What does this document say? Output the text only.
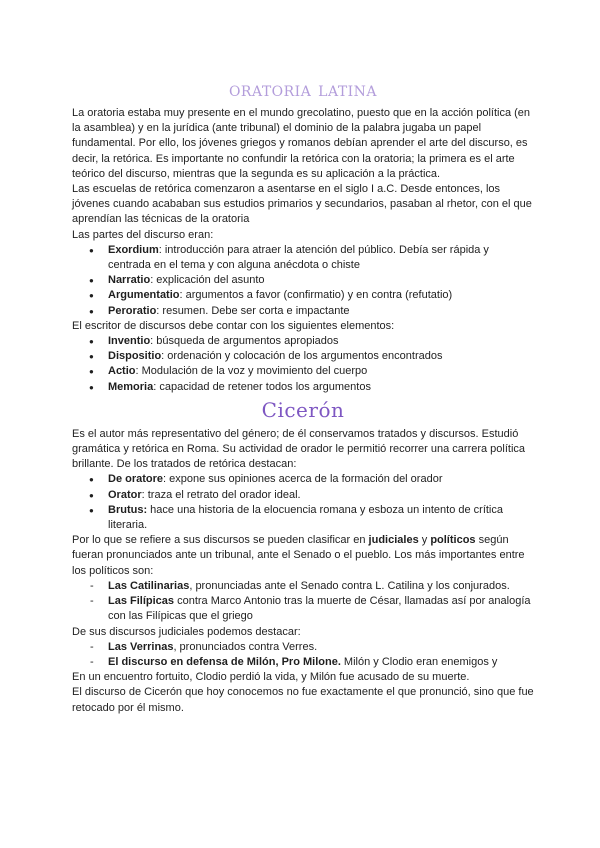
oratoria latina

La oratoria estaba muy presente en el mundo grecolatino, puesto que en la acción política (en la asamblea) y en la jurídica (ante tribunal) el dominio de la palabra jugaba un papel fundamental. Por ello, los jóvenes griegos y romanos debían aprender el arte del discurso, es decir, la retórica. Es importante no confundir la retórica con la oratoria; la primera es el arte teórico del discurso, mientras que la segunda es su aplicación a la práctica.

Las escuelas de retórica comenzaron a asentarse en el siglo I a.C. Desde entonces, los jóvenes cuando acababan sus estudios primarios y secundarios, pasaban al rhetor, con el que aprendían las técnicas de la oratoria

Las partes del discurso eran:

● Exordium: introducción para atraer la atención del público. Debía ser rápida y centrada en el tema y con alguna anécdota o chiste
● Narratio: explicación del asunto
● Argumentatio: argumentos a favor (confirmatio) y en contra (refutatio)
● Peroratio: resumen. Debe ser corta e impactante

El escritor de discursos debe contar con los siguientes elementos:

● Inventio: búsqueda de argumentos apropiados
● Dispositio: ordenación y colocación de los argumentos encontrados
● Actio: Modulación de la voz y movimiento del cuerpo
● Memoria: capacidad de retener todos los argumentos
Cicerón

Es el autor más representativo del género; de él conservamos tratados y discursos. Estudió gramática y retórica en Roma. Su actividad de orador le permitió recorrer una carrera política brillante. De los tratados de retórica destacan:

● De oratore: expone sus opiniones acerca de la formación del orador
● Orator: traza el retrato del orador ideal.
● Brutus: hace una historia de la elocuencia romana y esboza un intento de crítica literaria.

Por lo que se refiere a sus discursos se pueden clasificar en judiciales y políticos según fueran pronunciados ante un tribunal, ante el Senado o el pueblo. Los más importantes entre los políticos son:

- Las Catilinarias, pronunciadas ante el Senado contra L. Catilina y los conjurados.
- Las Filípicas contra Marco Antonio tras la muerte de César, llamadas así por analogía con las Filípicas que el griego

De sus discursos judiciales podemos destacar:

- Las Verrinas, pronunciados contra Verres.
- El discurso en defensa de Milón, Pro Milone. Milón y Clodio eran enemigos y

En un encuentro fortuito, Clodio perdió la vida, y Milón fue acusado de su muerte.

El discurso de Cicerón que hoy conocemos no fue exactamente el que pronunció, sino que fue retocado por él mismo.
